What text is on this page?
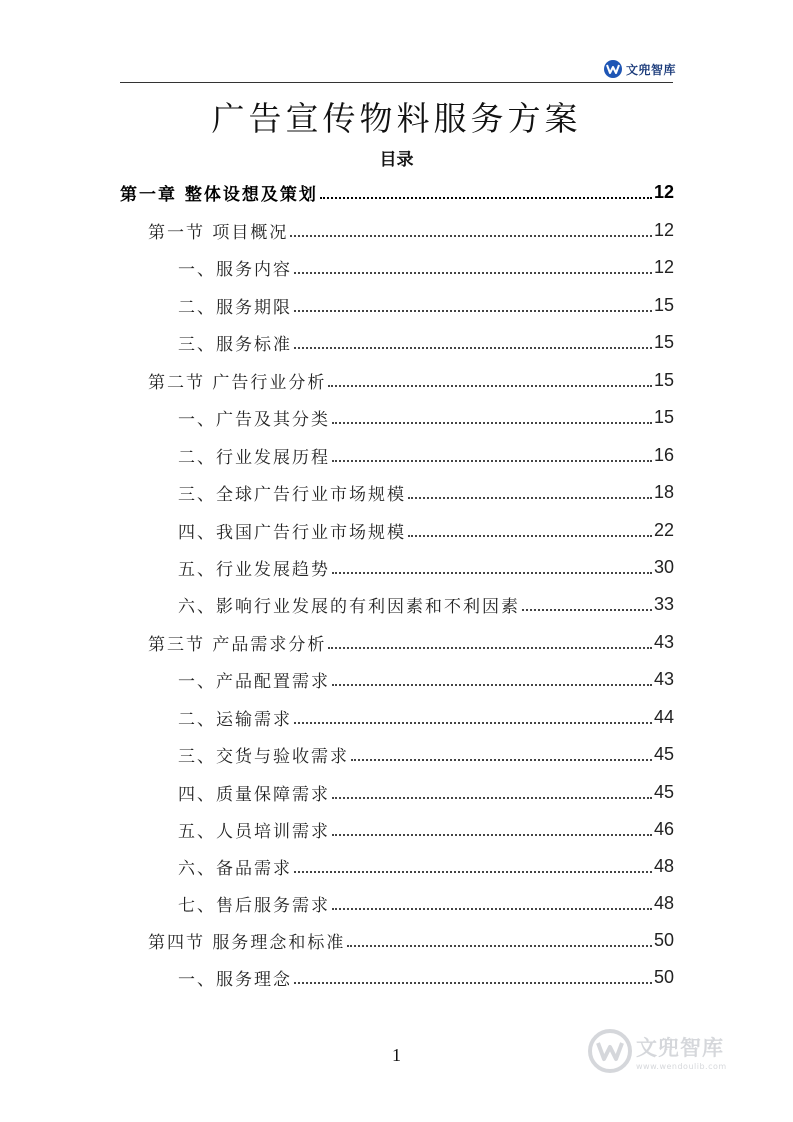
文兜智库
广告宣传物料服务方案
目录
第一章 整体设想及策划	12
第一节 项目概况	12
一、服务内容	12
二、服务期限	15
三、服务标准	15
第二节 广告行业分析	15
一、广告及其分类	15
二、行业发展历程	16
三、全球广告行业市场规模	18
四、我国广告行业市场规模	22
五、行业发展趋势	30
六、影响行业发展的有利因素和不利因素	33
第三节 产品需求分析	43
一、产品配置需求	43
二、运输需求	44
三、交货与验收需求	45
四、质量保障需求	45
五、人员培训需求	46
六、备品需求	48
七、售后服务需求	48
第四节 服务理念和标准	50
一、服务理念	50
1	文兜智库
www.wendoulib.com
